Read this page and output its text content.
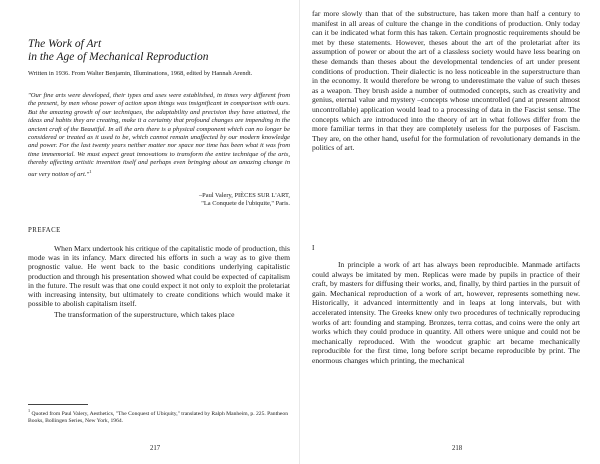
The Work of Art
in the Age of Mechanical Reproduction
Written in 1936. From Walter Benjamin, Illuminations, 1968, edited by Hannah Arendt.
"Our fine arts were developed, their types and uses were established, in times very different from the present, by men whose power of action upon things was insignificant in comparison with ours. But the amazing growth of our techniques, the adaptability and precision they have attained, the ideas and habits they are creating, make it a certainty that profound changes are impending in the ancient craft of the Beautiful. In all the arts there is a physical component which can no longer be considered or treated as it used to be, which cannot remain unaffected by our modern knowledge and power. For the last twenty years neither matter nor space nor time has been what it was from time immemorial. We must expect great innovations to transform the entire technique of the arts, thereby affecting artistic invention itself and perhaps even bringing about an amazing change in our very notion of art."$^1$
–Paul Valery, PIÈCES SUR L'ART,
"La Conquete de l'ubiquite," Paris.
PREFACE

When Marx undertook his critique of the capitalistic mode of production, this mode was in its infancy. Marx directed his efforts in such a way as to give them prognostic value. He went back to the basic conditions underlying capitalistic production and through his presentation showed what could be expected of capitalism in the future. The result was that one could expect it not only to exploit the proletariat with increasing intensity, but ultimately to create conditions which would make it possible to abolish capitalism itself.

The transformation of the superstructure, which takes place

$^1$ Quoted from Paul Valery, Aesthetics, "The Conquest of Ubiquity," translated by Ralph Manheim, p. 225. Pantheon Books, Bollingen Series, New York, 1964.
217

far more slowly than that of the substructure, has taken more than half a century to manifest in all areas of culture the change in the conditions of production. Only today can it be indicated what form this has taken. Certain prognostic requirements should be met by these statements. However, theses about the art of the proletariat after its assumption of power or about the art of a classless society would have less bearing on these demands than theses about the developmental tendencies of art under present conditions of production. Their dialectic is no less noticeable in the superstructure than in the economy. It would therefore be wrong to underestimate the value of such theses as a weapon. They brush aside a number of outmoded concepts, such as creativity and genius, eternal value and mystery –concepts whose uncontrolled (and at present almost uncontrollable) application would lead to a processing of data in the Fascist sense. The concepts which are introduced into the theory of art in what follows differ from the more familiar terms in that they are completely useless for the purposes of Fascism. They are, on the other hand, useful for the formulation of revolutionary demands in the politics of art.

I

In principle a work of art has always been reproducible. Manmade artifacts could always be imitated by men. Replicas were made by pupils in practice of their craft, by masters for diffusing their works, and, finally, by third parties in the pursuit of gain. Mechanical reproduction of a work of art, however, represents something new. Historically, it advanced intermittently and in leaps at long intervals, but with accelerated intensity. The Greeks knew only two procedures of technically reproducing works of art: founding and stamping. Bronzes, terra cottas, and coins were the only art works which they could produce in quantity. All others were unique and could not be mechanically reproduced. With the woodcut graphic art became mechanically reproducible for the first time, long before script became reproducible by print. The enormous changes which printing, the mechanical

218
